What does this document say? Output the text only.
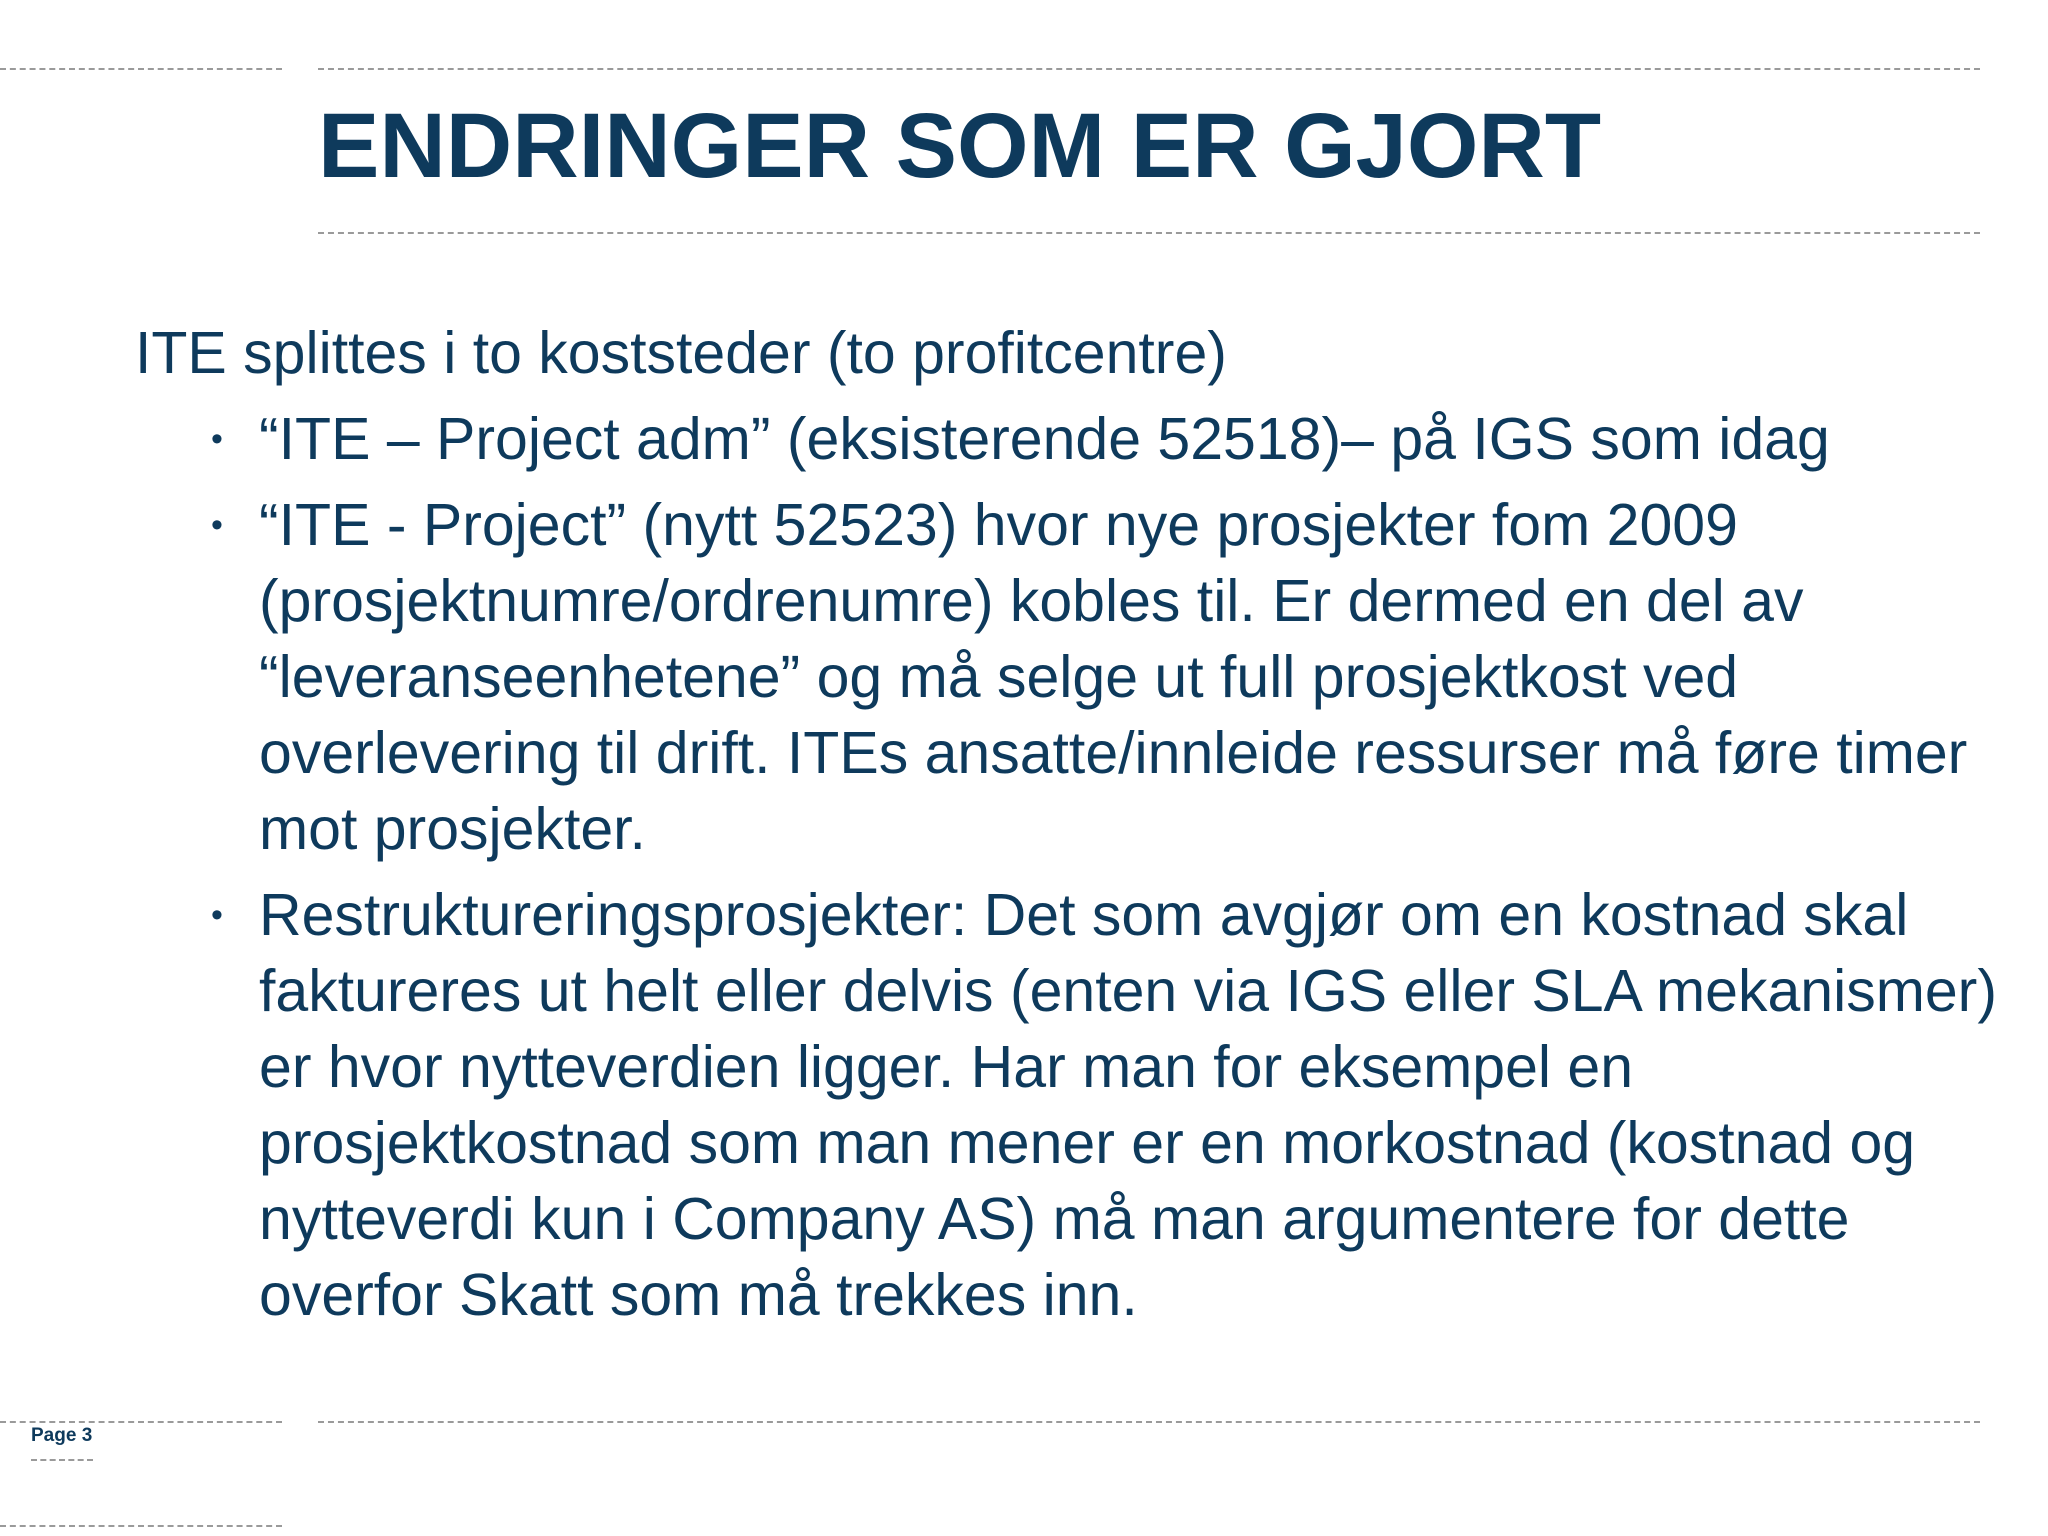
ENDRINGER SOM ER GJORT

ITE splittes i to koststeder (to profitcentre)

• “ITE – Project adm” (eksisterende 52518)– på IGS som idag
• “ITE - Project” (nytt 52523) hvor nye prosjekter fom 2009 (prosjektnumre/ordrenumre) kobles til. Er dermed en del av “leveranseenhetene” og må selge ut full prosjektkost ved overlevering til drift. ITEs ansatte/innleide ressurser må føre timer mot prosjekter.
• Restruktureringsprosjekter: Det som avgjør om en kostnad skal faktureres ut helt eller delvis (enten via IGS eller SLA mekanismer) er hvor nytteverdien ligger. Har man for eksempel en prosjektkostnad som man mener er en morkostnad (kostnad og nytteverdi kun i Company AS) må man argumentere for dette overfor Skatt som må trekkes inn.
Page 3
